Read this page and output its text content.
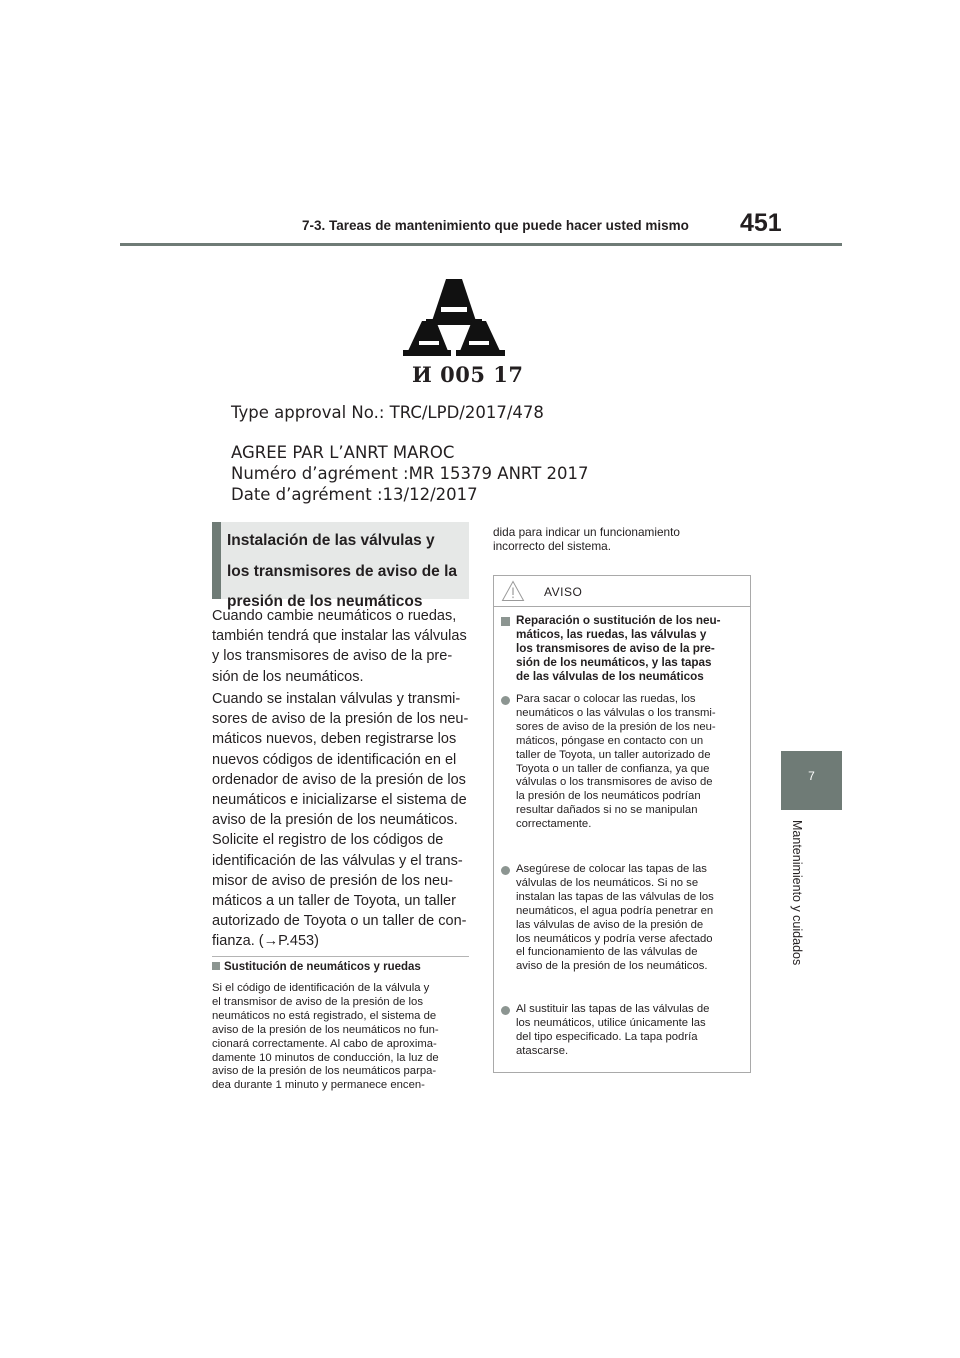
7-3. Tareas de mantenimiento que puede hacer usted mismo 451
7
Mantenimiento y cuidados
И 005 17
Type approval No.: TRC/LPD/2017/478
AGREE PAR L’ANRT MAROC
Numéro d’agrément :MR 15379 ANRT 2017
Date d’agrément :13/12/2017
Instalación de las válvulas y
los transmisores de aviso de la
presión de los neumáticos
Cuando cambie neumáticos o ruedas,
también tendrá que instalar las válvulas
y los transmisores de aviso de la pre-
sión de los neumáticos.
Cuando se instalan válvulas y transmi-
sores de aviso de la presión de los neu-
máticos nuevos, deben registrarse los
nuevos códigos de identificación en el
ordenador de aviso de la presión de los
neumáticos e inicializarse el sistema de
aviso de la presión de los neumáticos.
Solicite el registro de los códigos de
identificación de las válvulas y el trans-
misor de aviso de presión de los neu-
máticos a un taller de Toyota, un taller
autorizado de Toyota o un taller de con-
fianza. (→P.453)
Sustitución de neumáticos y ruedas
Si el código de identificación de la válvula y
el transmisor de aviso de la presión de los
neumáticos no está registrado, el sistema de
aviso de la presión de los neumáticos no fun-
cionará correctamente. Al cabo de aproxima-
damente 10 minutos de conducción, la luz de
aviso de la presión de los neumáticos parpa-
dea durante 1 minuto y permanece encen-
dida para indicar un funcionamiento
incorrecto del sistema.
AVISO
Reparación o sustitución de los neu-
máticos, las ruedas, las válvulas y
los transmisores de aviso de la pre-
sión de los neumáticos, y las tapas
de las válvulas de los neumáticos
Para sacar o colocar las ruedas, los
neumáticos o las válvulas o los transmi-
sores de aviso de la presión de los neu-
máticos, póngase en contacto con un
taller de Toyota, un taller autorizado de
Toyota o un taller de confianza, ya que
válvulas o los transmisores de aviso de
la presión de los neumáticos podrían
resultar dañados si no se manipulan
correctamente.
Asegúrese de colocar las tapas de las
válvulas de los neumáticos. Si no se
instalan las tapas de las válvulas de los
neumáticos, el agua podría penetrar en
las válvulas de aviso de la presión de
los neumáticos y podría verse afectado
el funcionamiento de las válvulas de
aviso de la presión de los neumáticos.
Al sustituir las tapas de las válvulas de
los neumáticos, utilice únicamente las
del tipo especificado. La tapa podría
atascarse.
